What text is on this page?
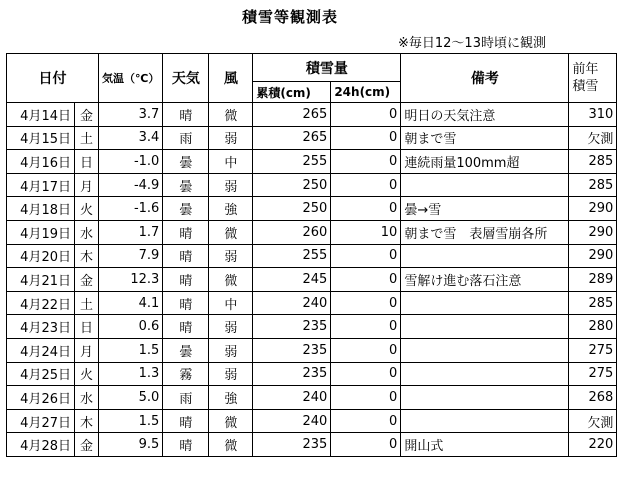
積雪等観測表
※毎日12～13時頃に観測
日付		気温（℃）	天気	風	積雪量		備考	前年
積雪
					累積(cm)	24h(cm)		
4月14日	金	3.7	晴	微	265	0	明日の天気注意	310
4月15日	土	3.4	雨	弱	265	0	朝まで雪	欠測
4月16日	日	-1.0	曇	中	255	0	連続雨量100mm超	285
4月17日	月	-4.9	曇	弱	250	0		285
4月18日	火	-1.6	曇	強	250	0	曇→雪	290
4月19日	水	1.7	晴	微	260	10	朝まで雪　表層雪崩各所	290
4月20日	木	7.9	晴	弱	255	0		290
4月21日	金	12.3	晴	微	245	0	雪解け進む落石注意	289
4月22日	土	4.1	晴	中	240	0		285
4月23日	日	0.6	晴	弱	235	0		280
4月24日	月	1.5	曇	弱	235	0		275
4月25日	火	1.3	霧	弱	235	0		275
4月26日	水	5.0	雨	強	240	0		268
4月27日	木	1.5	晴	微	240	0		欠測
4月28日	金	9.5	晴	微	235	0	開山式	220
